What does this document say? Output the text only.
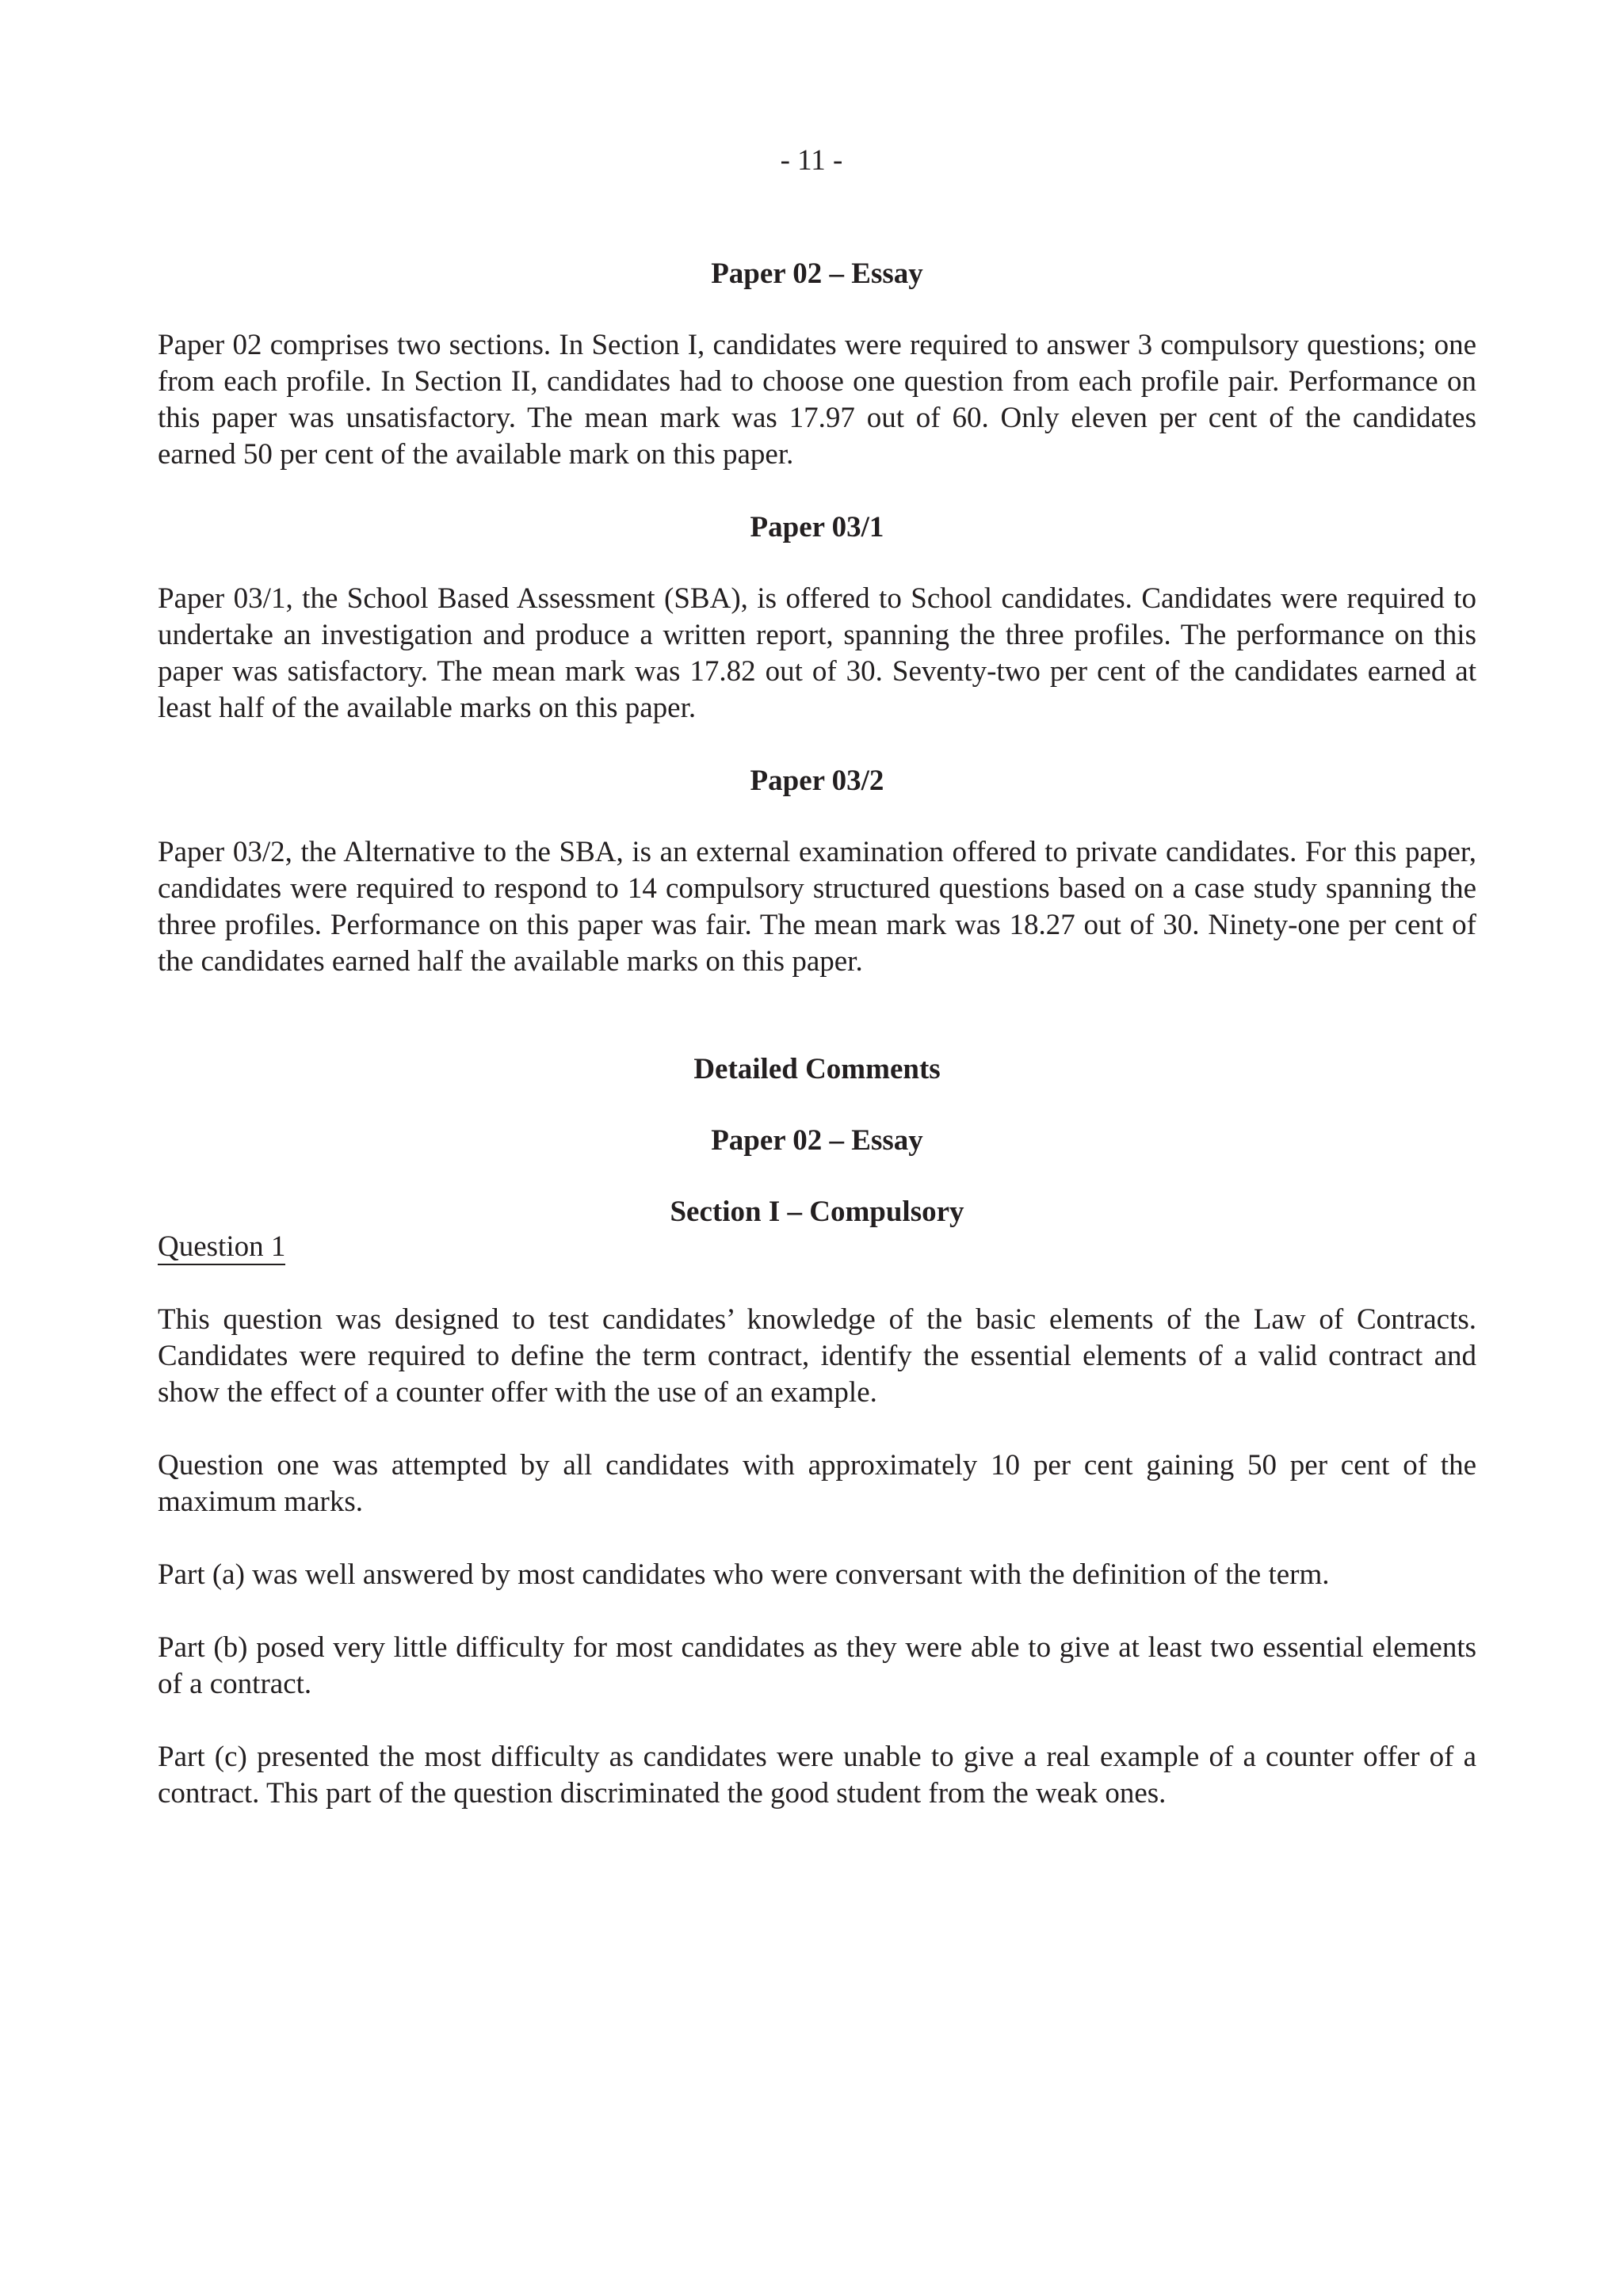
- 11 -
Paper 02 – Essay

Paper 02 comprises two sections. In Section I, candidates were required to answer 3 compulsory questions; one from each profile. In Section II, candidates had to choose one question from each profile pair. Performance on this paper was unsatisfactory. The mean mark was 17.97 out of 60. Only eleven per cent of the candidates earned 50 per cent of the available mark on this paper.

Paper 03/1

Paper 03/1, the School Based Assessment (SBA), is offered to School candidates. Candidates were required to undertake an investigation and produce a written report, spanning the three profiles. The performance on this paper was satisfactory. The mean mark was 17.82 out of 30. Seventy-two per cent of the candidates earned at least half of the available marks on this paper.

Paper 03/2

Paper 03/2, the Alternative to the SBA, is an external examination offered to private candidates. For this paper, candidates were required to respond to 14 compulsory structured questions based on a case study spanning the three profiles. Performance on this paper was fair. The mean mark was 18.27 out of 30. Ninety-one per cent of the candidates earned half the available marks on this paper.

Detailed Comments
Paper 02 – Essay
Section I – Compulsory
Question 1

This question was designed to test candidates’ knowledge of the basic elements of the Law of Contracts. Candidates were required to define the term contract, identify the essential elements of a valid contract and show the effect of a counter offer with the use of an example.

Question one was attempted by all candidates with approximately 10 per cent gaining 50 per cent of the maximum marks.

Part (a) was well answered by most candidates who were conversant with the definition of the term.

Part (b) posed very little difficulty for most candidates as they were able to give at least two essential elements of a contract.

Part (c) presented the most difficulty as candidates were unable to give a real example of a counter offer of a contract. This part of the question discriminated the good student from the weak ones.
